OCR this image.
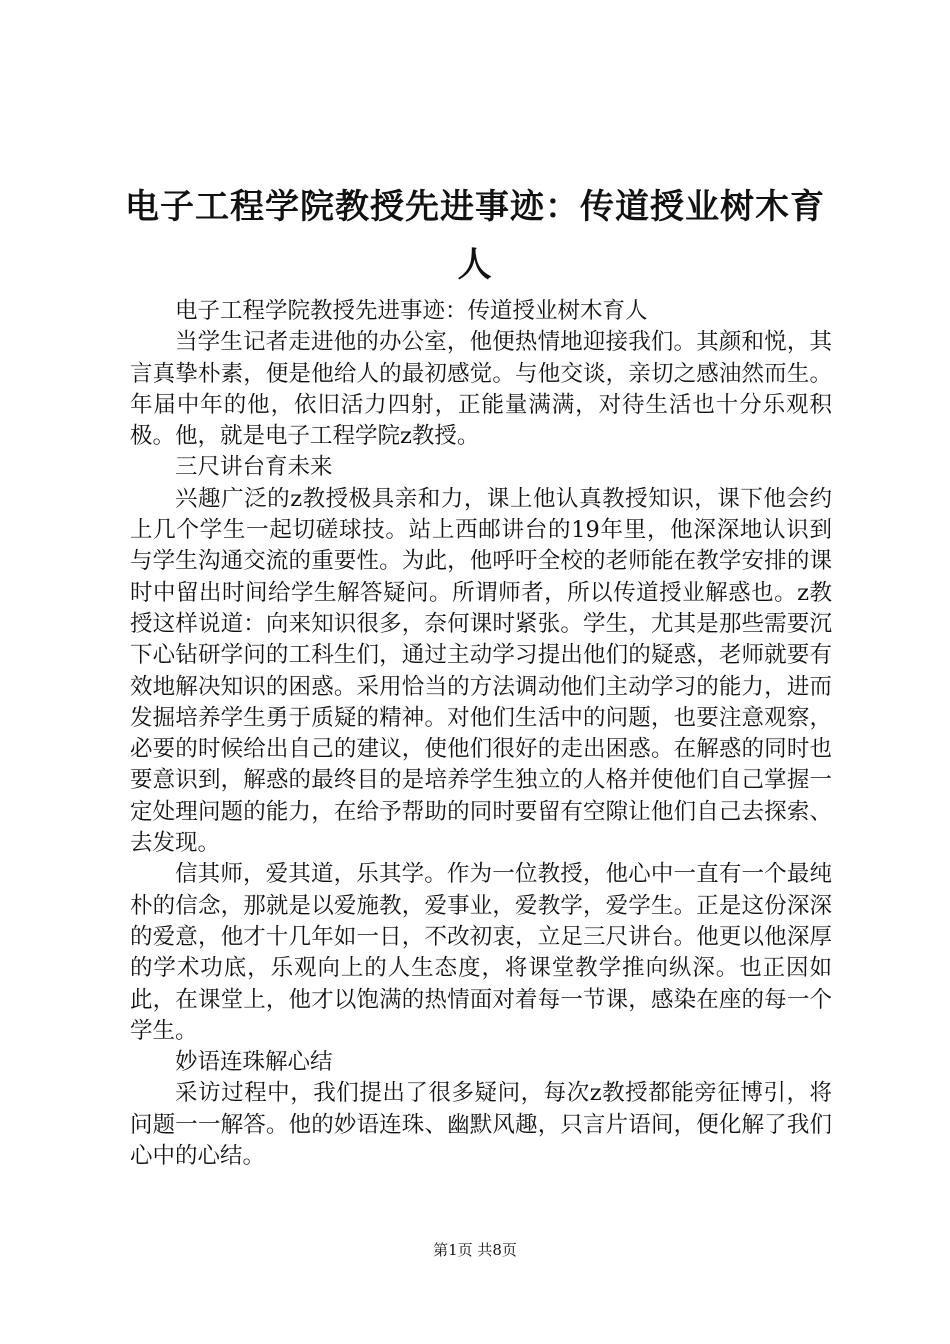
电子工程学院教授先进事迹：传道授业树木育人

电子工程学院教授先进事迹：传道授业树木育人

当学生记者走进他的办公室，他便热情地迎接我们。其颜和悦，其言真挚朴素，便是他给人的最初感觉。与他交谈，亲切之感油然而生。年届中年的他，依旧活力四射，正能量满满，对待生活也十分乐观积极。他，就是电子工程学院z教授。

三尺讲台育未来

兴趣广泛的z教授极具亲和力，课上他认真教授知识，课下他会约上几个学生一起切磋球技。站上西邮讲台的19年里，他深深地认识到与学生沟通交流的重要性。为此，他呼吁全校的老师能在教学安排的课时中留出时间给学生解答疑问。所谓师者，所以传道授业解惑也。z教授这样说道：向来知识很多，奈何课时紧张。学生，尤其是那些需要沉下心钻研学问的工科生们，通过主动学习提出他们的疑惑，老师就要有效地解决知识的困惑。采用恰当的方法调动他们主动学习的能力，进而发掘培养学生勇于质疑的精神。对他们生活中的问题，也要注意观察，必要的时候给出自己的建议，使他们很好的走出困惑。在解惑的同时也要意识到，解惑的最终目的是培养学生独立的人格并使他们自己掌握一定处理问题的能力，在给予帮助的同时要留有空隙让他们自己去探索、去发现。

信其师，爱其道，乐其学。作为一位教授，他心中一直有一个最纯朴的信念，那就是以爱施教，爱事业，爱教学，爱学生。正是这份深深的爱意，他才十几年如一日，不改初衷，立足三尺讲台。他更以他深厚的学术功底，乐观向上的人生态度，将课堂教学推向纵深。也正因如此，在课堂上，他才以饱满的热情面对着每一节课，感染在座的每一个学生。

妙语连珠解心结

采访过程中，我们提出了很多疑问，每次z教授都能旁征博引，将问题一一解答。他的妙语连珠、幽默风趣，只言片语间，便化解了我们心中的心结。

第1页 共8页
